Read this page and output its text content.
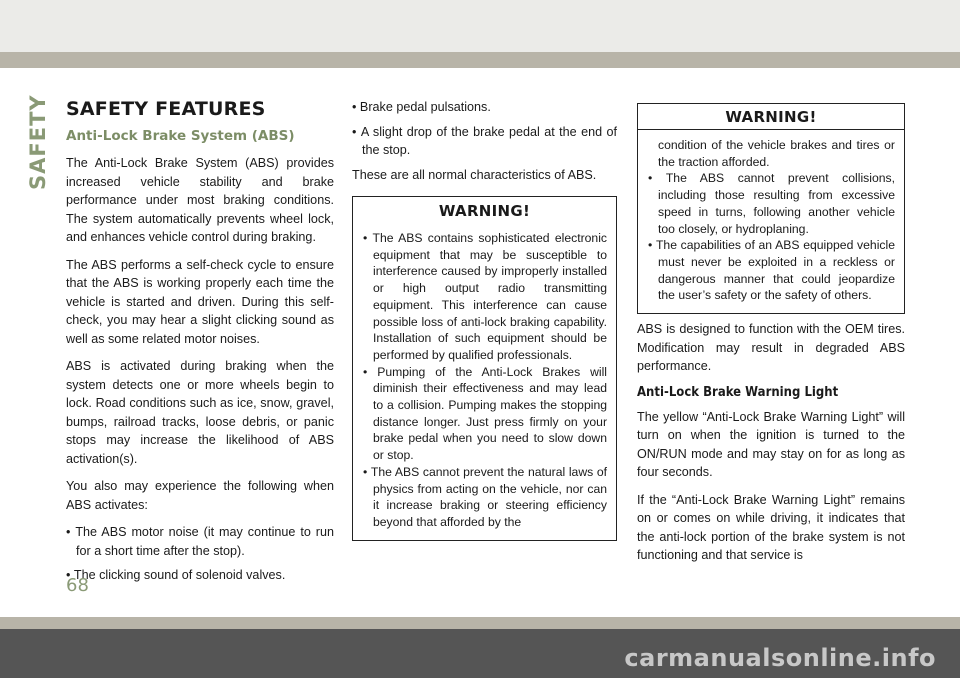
SAFETY SAFETY FEATURES
Anti-Lock Brake System (ABS)

The Anti-Lock Brake System (ABS) provides increased vehicle stability and brake performance under most braking conditions. The system automatically prevents wheel lock, and enhances vehicle control during braking.

The ABS performs a self-check cycle to ensure that the ABS is working properly each time the vehicle is started and driven. During this self-check, you may hear a slight clicking sound as well as some related motor noises.

ABS is activated during braking when the system detects one or more wheels begin to lock. Road conditions such as ice, snow, gravel, bumps, railroad tracks, loose debris, or panic stops may increase the likelihood of ABS activation(s).

You also may experience the following when ABS activates:

• The ABS motor noise (it may continue to run for a short time after the stop).
• The clicking sound of solenoid valves.
• Brake pedal pulsations.
• A slight drop of the brake pedal at the end of the stop.

These are all normal characteristics of ABS.

WARNING!
• The ABS contains sophisticated electronic equipment that may be susceptible to interference caused by improperly installed or high output radio transmitting equipment. This interference can cause possible loss of anti-lock braking capability. Installation of such equipment should be performed by qualified professionals.
• Pumping of the Anti-Lock Brakes will diminish their effectiveness and may lead to a collision. Pumping makes the stopping distance longer. Just press firmly on your brake pedal when you need to slow down or stop.
• The ABS cannot prevent the natural laws of physics from acting on the vehicle, nor can it increase braking or steering efficiency beyond that afforded by the
WARNING!

condition of the vehicle brakes and tires or the traction afforded.

• The ABS cannot prevent collisions, including those resulting from excessive speed in turns, following another vehicle too closely, or hydroplaning.
• The capabilities of an ABS equipped vehicle must never be exploited in a reckless or dangerous manner that could jeopardize the user’s safety or the safety of others.

ABS is designed to function with the OEM tires. Modification may result in degraded ABS performance.

Anti-Lock Brake Warning Light

The yellow “Anti-Lock Brake Warning Light” will turn on when the ignition is turned to the ON/RUN mode and may stay on for as long as four seconds.

If the “Anti-Lock Brake Warning Light” remains on or comes on while driving, it indicates that the anti-lock portion of the brake system is not functioning and that service is

68
carmanualsonline.info
